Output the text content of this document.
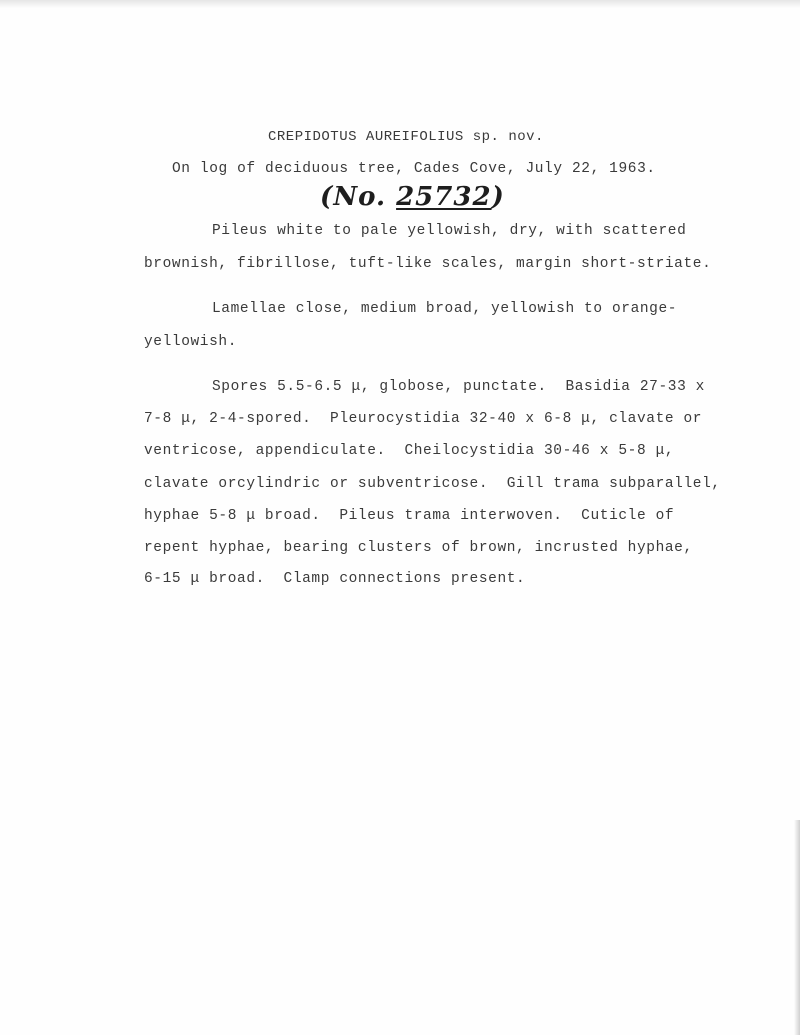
CREPIDOTUS AUREIFOLIUS sp. nov.
On log of deciduous tree, Cades Cove, July 22, 1963.
(No. 25732)
Pileus white to pale yellowish, dry, with scattered
brownish, fibrillose, tuft-like scales, margin short-striate.
Lamellae close, medium broad, yellowish to orange-
yellowish.
Spores 5.5-6.5 μ, globose, punctate.  Basidia 27-33 x
7-8 μ, 2-4-spored.  Pleurocystidia 32-40 x 6-8 μ, clavate or
ventricose, appendiculate.  Cheilocystidia 30-46 x 5-8 μ,
clavate orcylindric or subventricose.  Gill trama subparallel,
hyphae 5-8 μ broad.  Pileus trama interwoven.  Cuticle of
repent hyphae, bearing clusters of brown, incrusted hyphae,
6-15 μ broad.  Clamp connections present.
